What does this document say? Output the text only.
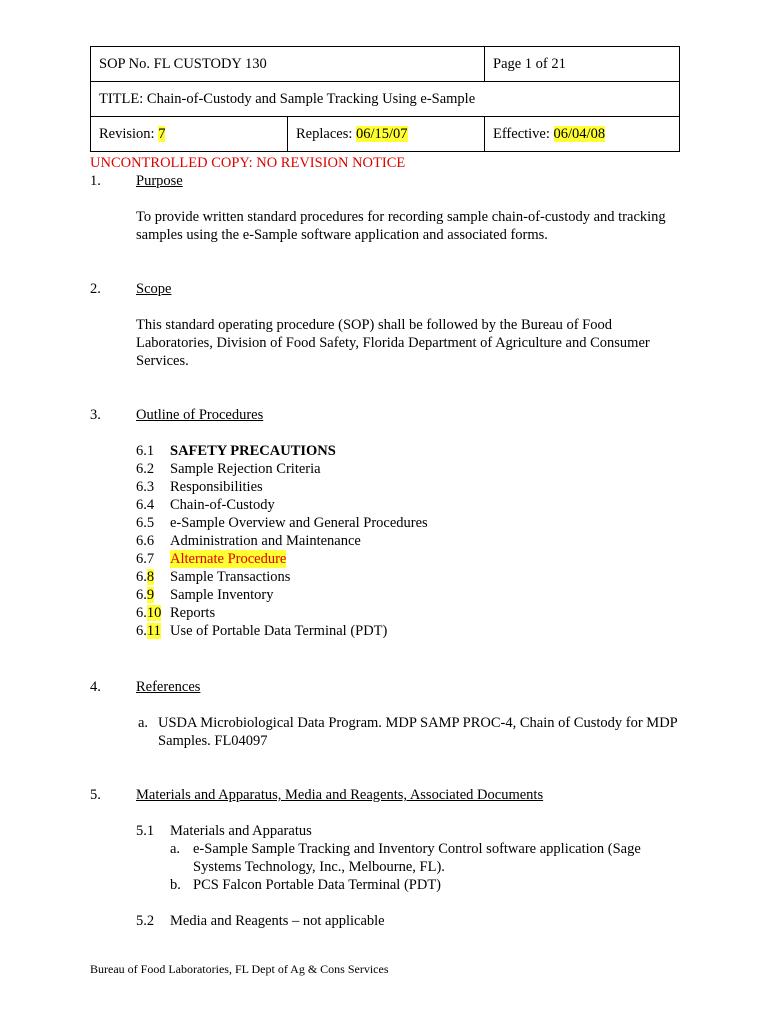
SOP No. FL CUSTODY 130		Page 1 of 21
TITLE: Chain-of-Custody and Sample Tracking Using e-Sample		
Revision: 7	Replaces: 06/15/07	Effective: 06/04/08
UNCONTROLLED COPY: NO REVISION NOTICE
1. Purpose
To provide written standard procedures for recording sample chain-of-custody and tracking samples using the e-Sample software application and associated forms.
2. Scope
This standard operating procedure (SOP) shall be followed by the Bureau of Food Laboratories, Division of Food Safety, Florida Department of Agriculture and Consumer Services.
3. Outline of Procedures
6.1	SAFETY PRECAUTIONS
6.2	Sample Rejection Criteria
6.3	Responsibilities
6.4	Chain-of-Custody
6.5	e-Sample Overview and General Procedures
6.6	Administration and Maintenance
6.7	Alternate Procedure
6.8	Sample Transactions
6.9	Sample Inventory
6.10 Reports
6.11 Use of Portable Data Terminal (PDT)
4. References
a. USDA Microbiological Data Program. MDP SAMP PROC-4, Chain of Custody for MDP Samples. FL04097
5. Materials and Apparatus, Media and Reagents, Associated Documents
5.1 Materials and Apparatus
a. e-Sample Sample Tracking and Inventory Control software application (Sage Systems Technology, Inc., Melbourne, FL).
b. PCS Falcon Portable Data Terminal (PDT)
5.2 Media and Reagents – not applicable
Bureau of Food Laboratories, FL Dept of Ag & Cons Services
